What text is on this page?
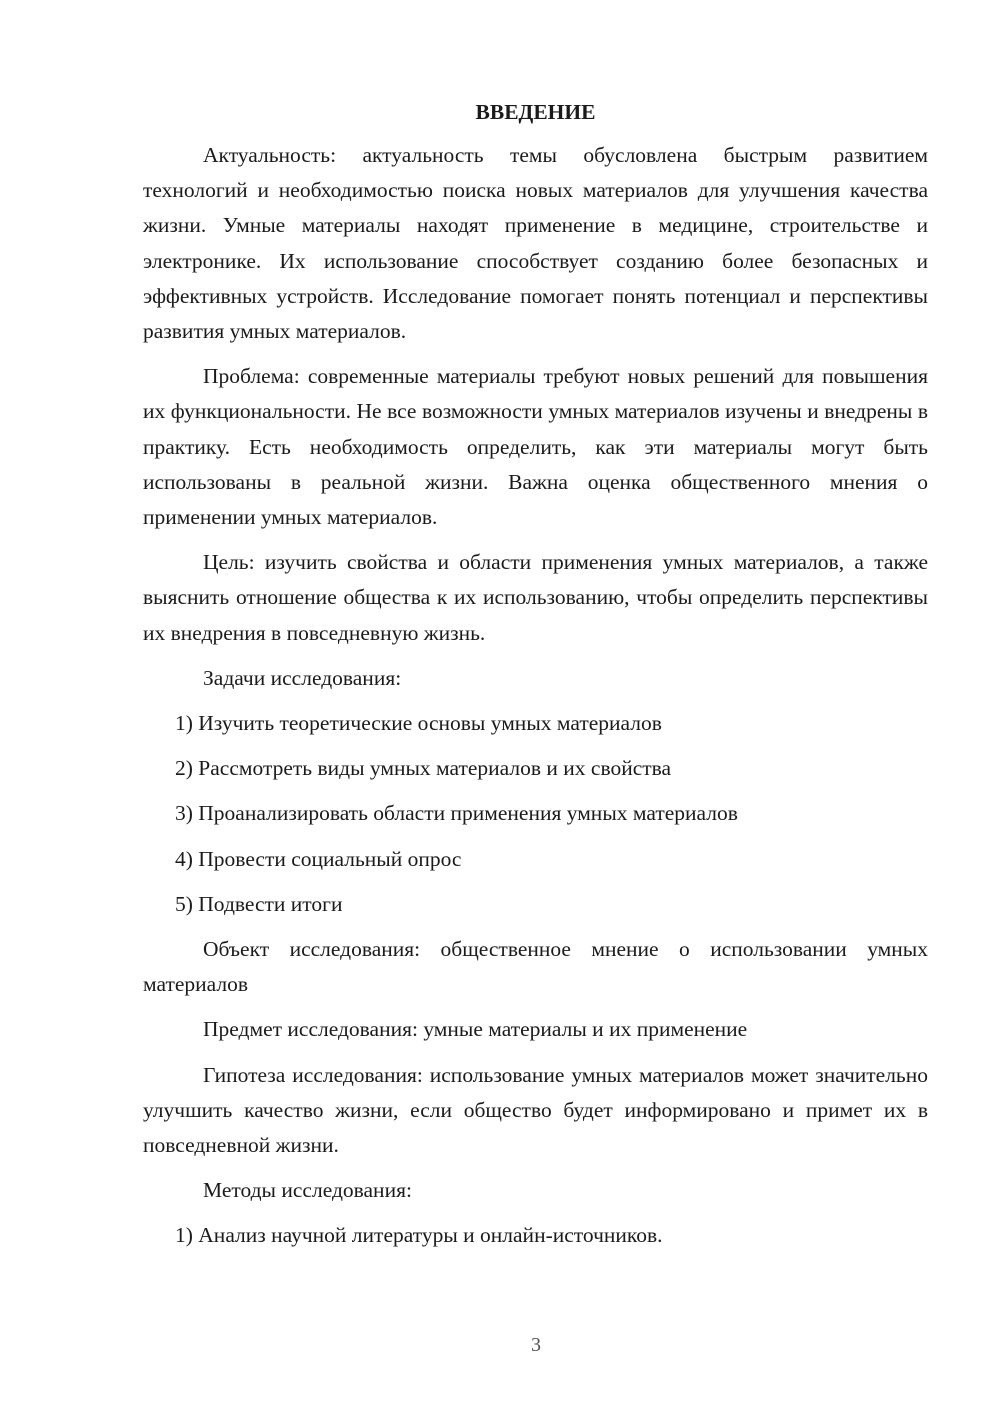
ВВЕДЕНИЕ

Актуальность: актуальность темы обусловлена быстрым развитием технологий и необходимостью поиска новых материалов для улучшения качества жизни. Умные материалы находят применение в медицине, строительстве и электронике. Их использование способствует созданию более безопасных и эффективных устройств. Исследование помогает понять потенциал и перспективы развития умных материалов.

Проблема: современные материалы требуют новых решений для повышения их функциональности. Не все возможности умных материалов изучены и внедрены в практику. Есть необходимость определить, как эти материалы могут быть использованы в реальной жизни. Важна оценка общественного мнения о применении умных материалов.

Цель: изучить свойства и области применения умных материалов, а также выяснить отношение общества к их использованию, чтобы определить перспективы их внедрения в повседневную жизнь.

Задачи исследования:

1) Изучить теоретические основы умных материалов
2) Рассмотреть виды умных материалов и их свойства
3) Проанализировать области применения умных материалов
4) Провести социальный опрос
5) Подвести итоги

Объект исследования: общественное мнение о использовании умных материалов

Предмет исследования: умные материалы и их применение

Гипотеза исследования: использование умных материалов может значительно улучшить качество жизни, если общество будет информировано и примет их в повседневной жизни.

Методы исследования:

1) Анализ научной литературы и онлайн-источников.
3
